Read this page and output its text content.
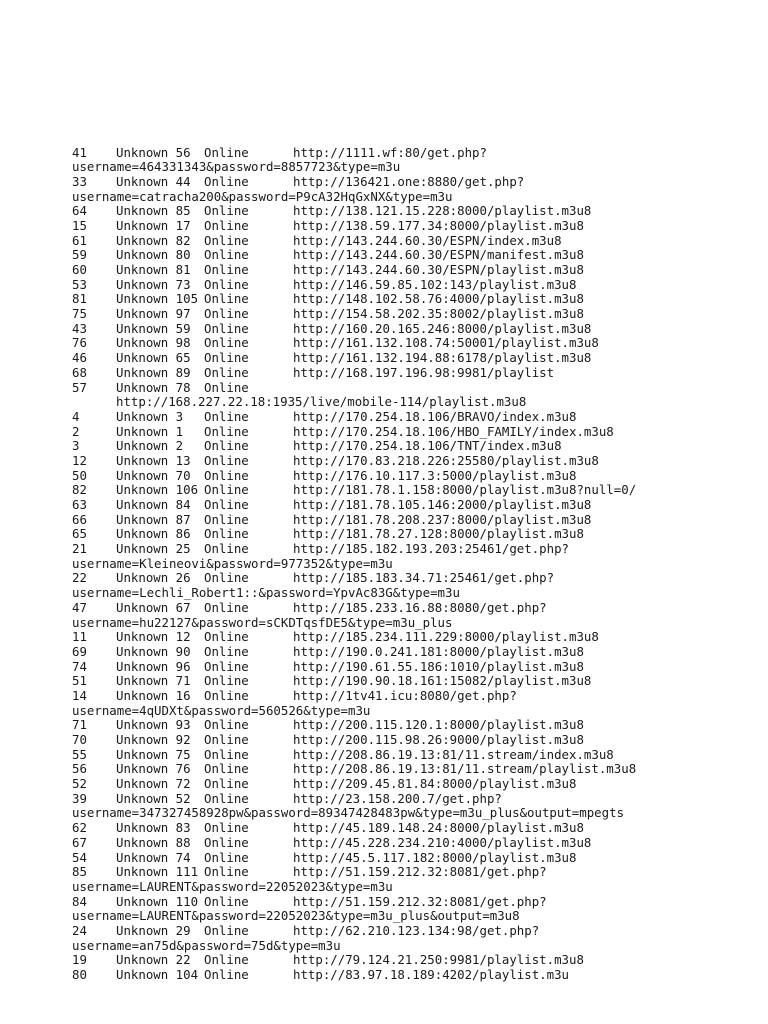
41 Unknown 56 Online	http://1111.wf:80/get.php?
username=464331343&password=8857723&type=m3u
33 Unknown 44 Online	http://136421.one:8880/get.php?
username=catracha200&password=P9cA32HqGxNX&type=m3u
64 Unknown 85 Online	http://138.121.15.228:8000/playlist.m3u8
15 Unknown 17 Online	http://138.59.177.34:8000/playlist.m3u8
61 Unknown 82 Online	http://143.244.60.30/ESPN/index.m3u8
59 Unknown 80 Online	http://143.244.60.30/ESPN/manifest.m3u8
60 Unknown 81 Online	http://143.244.60.30/ESPN/playlist.m3u8
53 Unknown 73 Online	http://146.59.85.102:143/playlist.m3u8
81 Unknown 105 Online	http://148.102.58.76:4000/playlist.m3u8
75 Unknown 97 Online	http://154.58.202.35:8002/playlist.m3u8
43 Unknown 59 Online	http://160.20.165.246:8000/playlist.m3u8
76 Unknown 98 Online	http://161.132.108.74:50001/playlist.m3u8
46 Unknown 65 Online	http://161.132.194.88:6178/playlist.m3u8
68 Unknown 89 Online	http://168.197.196.98:9981/playlist
57 Unknown 78 Online
http://168.227.22.18:1935/live/mobile-114/playlist.m3u8
4	Unknown 3 Online	http://170.254.18.106/BRAVO/index.m3u8
2	Unknown 1 Online	http://170.254.18.106/HBO_FAMILY/index.m3u8
3	Unknown 2 Online	http://170.254.18.106/TNT/index.m3u8
12 Unknown 13 Online	http://170.83.218.226:25580/playlist.m3u8
50 Unknown 70 Online	http://176.10.117.3:5000/playlist.m3u8
82 Unknown 106 Online	http://181.78.1.158:8000/playlist.m3u8?null=0/
63 Unknown 84 Online	http://181.78.105.146:2000/playlist.m3u8
66 Unknown 87 Online	http://181.78.208.237:8000/playlist.m3u8
65 Unknown 86 Online	http://181.78.27.128:8000/playlist.m3u8
21 Unknown 25 Online	http://185.182.193.203:25461/get.php?
username=Kleineovi&password=977352&type=m3u
22 Unknown 26 Online	http://185.183.34.71:25461/get.php?
username=Lechli_Robert1::&password=YpvAc83G&type=m3u
47 Unknown 67 Online	http://185.233.16.88:8080/get.php?
username=hu22127&password=sCKDTqsfDE5&type=m3u_plus
11 Unknown 12 Online	http://185.234.111.229:8000/playlist.m3u8
69 Unknown 90 Online	http://190.0.241.181:8000/playlist.m3u8
74 Unknown 96 Online	http://190.61.55.186:1010/playlist.m3u8
51 Unknown 71 Online	http://190.90.18.161:15082/playlist.m3u8
14 Unknown 16 Online	http://1tv41.icu:8080/get.php?
username=4qUDXt&password=560526&type=m3u
71 Unknown 93 Online	http://200.115.120.1:8000/playlist.m3u8
70 Unknown 92 Online	http://200.115.98.26:9000/playlist.m3u8
55 Unknown 75 Online	http://208.86.19.13:81/11.stream/index.m3u8
56 Unknown 76 Online	http://208.86.19.13:81/11.stream/playlist.m3u8
52 Unknown 72 Online	http://209.45.81.84:8000/playlist.m3u8
39 Unknown 52 Online	http://23.158.200.7/get.php?
username=347327458928pw&password=89347428483pw&type=m3u_plus&output=mpegts
62 Unknown 83 Online	http://45.189.148.24:8000/playlist.m3u8
67 Unknown 88 Online	http://45.228.234.210:4000/playlist.m3u8
54 Unknown 74 Online	http://45.5.117.182:8000/playlist.m3u8
85 Unknown 111 Online	http://51.159.212.32:8081/get.php?
username=LAURENT&password=22052023&type=m3u
84 Unknown 110 Online	http://51.159.212.32:8081/get.php?
username=LAURENT&password=22052023&type=m3u_plus&output=m3u8
24 Unknown 29 Online	http://62.210.123.134:98/get.php?
username=an75d&password=75d&type=m3u
19 Unknown 22 Online	http://79.124.21.250:9981/playlist.m3u8
80 Unknown 104 Online	http://83.97.18.189:4202/playlist.m3u
